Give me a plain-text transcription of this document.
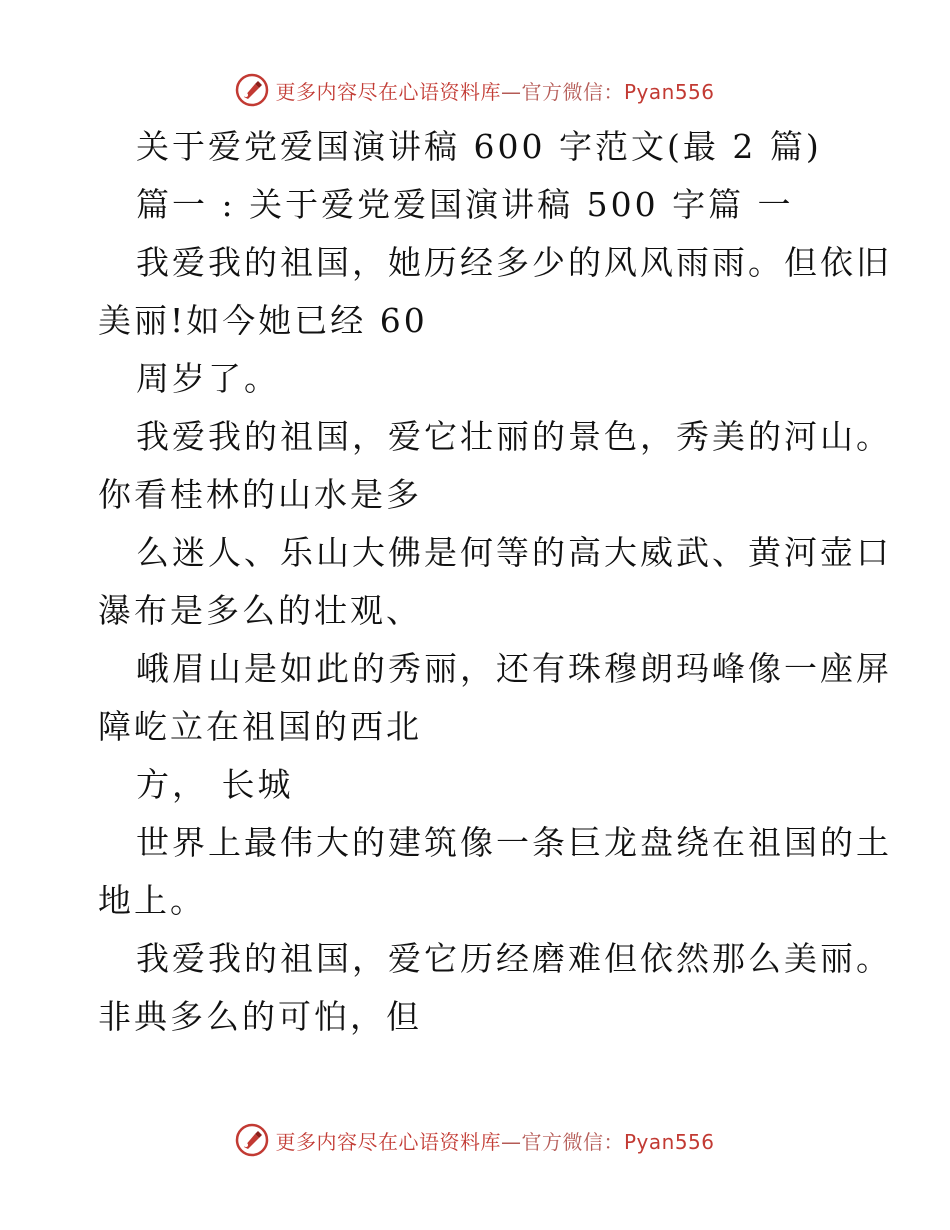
更多内容尽在心语资料库—官方微信：Pyan556
关于爱党爱国演讲稿 600 字范文(最 2 篇)
篇一 : 关于爱党爱国演讲稿 500 字篇 一
我爱我的祖国，她历经多少的风风雨雨。但依旧
美丽!如今她已经 60
周岁了。
我爱我的祖国，爱它壮丽的景色，秀美的河山。
你看桂林的山水是多
么迷人、乐山大佛是何等的高大威武、黄河壶口
瀑布是多么的壮观、
峨眉山是如此的秀丽，还有珠穆朗玛峰像一座屏
障屹立在祖国的西北
方， 长城
世界上最伟大的建筑像一条巨龙盘绕在祖国的土
地上。
我爱我的祖国，爱它历经磨难但依然那么美丽。
非典多么的可怕，但
更多内容尽在心语资料库—官方微信：Pyan556
